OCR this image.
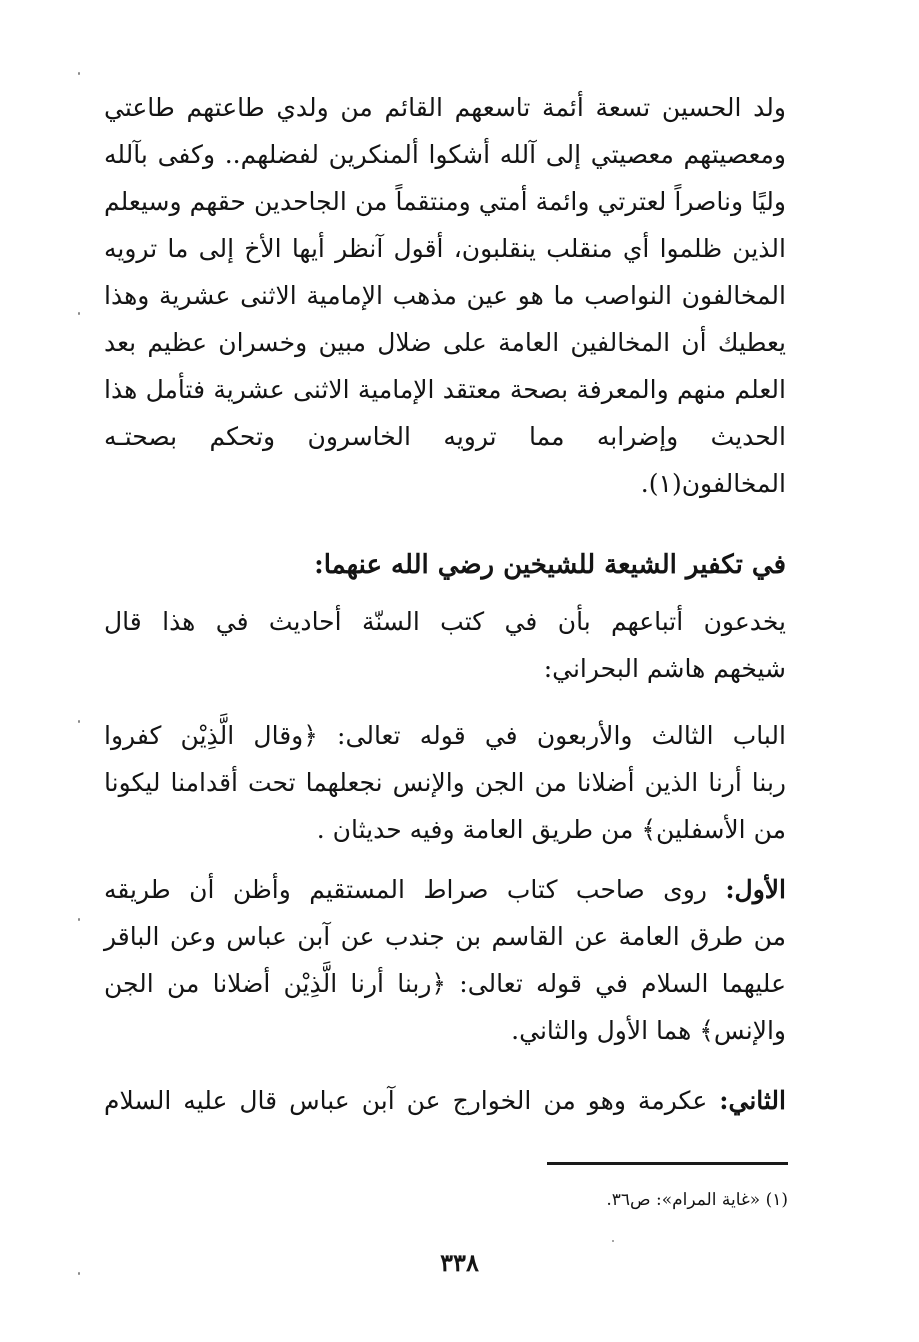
ولد الحسين تسعة أئمة تاسعهم القائم من ولدي طاعتهم طاعتي
ومعصيتهم معصيتي إلى آلله أشكوا ألمنكرين لفضلهم.. وكفى بآلله
وليًا وناصراً لعترتي وائمة أمتي ومنتقماً من الجاحدين حقهم وسيعلم
الذين ظلموا أي منقلب ينقلبون، أقول آنظر أيها الأخ إلى ما ترويه
المخالفون النواصب ما هو عين مذهب الإمامية الاثنى عشرية وهذا
يعطيك أن المخالفين العامة على ضلال مبين وخسران عظيم بعد
العلم منهم والمعرفة بصحة معتقد الإمامية الاثنى عشرية فتأمل هذا
الحديث وإضرابه مما ترويه الخاسرون وتحكم بصحتـه
المخالفون(١).
في تكفير الشيعة للشيخين رضي الله عنهما:
يخدعون أتباعهم بأن في كتب السنّة أحاديث في هذا قال
شيخهم هاشم البحراني:
الباب الثالث والأربعون في قوله تعالى: ﴿وقال الَّذِيْن كفروا
ربنا أرنا الذين أضلانا من الجن والإنس نجعلهما تحت أقدامنا ليكونا
من الأسفلين﴾ من طريق العامة وفيه حديثان .
الأول: روى صاحب كتاب صراط المستقيم وأظن أن طريقه
من طرق العامة عن القاسم بن جندب عن آبن عباس وعن الباقر
عليهما السلام في قوله تعالى: ﴿ربنا أرنا الَّذِيْن أضلانا من الجن
والإنس﴾ هما الأول والثاني.
الثاني: عكرمة وهو من الخوارج عن آبن عباس قال عليه السلام
(١) «غاية المرام»: ص٣٦.
٣٣٨
